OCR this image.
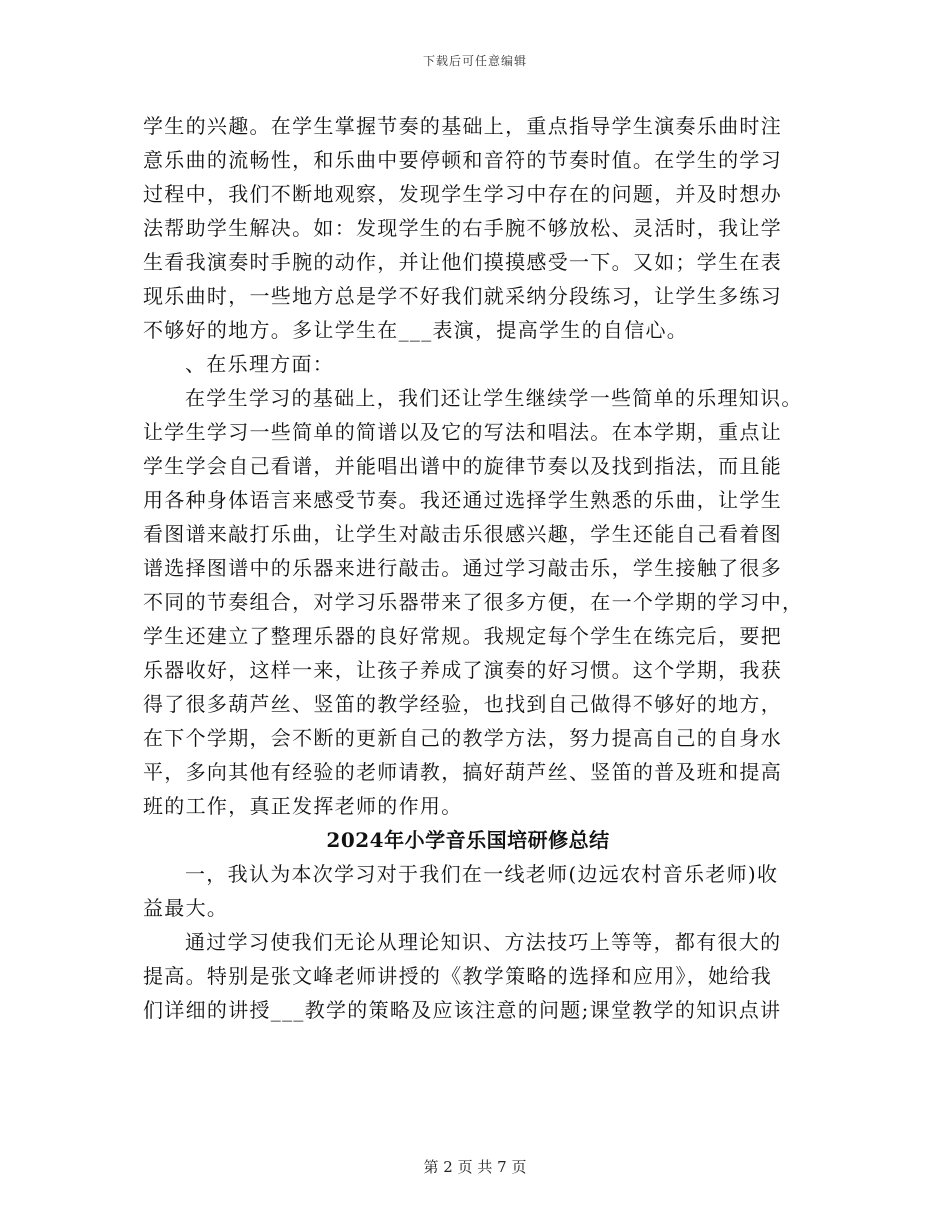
下载后可任意编辑
学生的兴趣。在学生掌握节奏的基础上，重点指导学生演奏乐曲时注
意乐曲的流畅性，和乐曲中要停顿和音符的节奏时值。在学生的学习
过程中，我们不断地观察，发现学生学习中存在的问题，并及时想办
法帮助学生解决。如：发现学生的右手腕不够放松、灵活时，我让学
生看我演奏时手腕的动作，并让他们摸摸感受一下。又如；学生在表
现乐曲时，一些地方总是学不好我们就采纳分段练习，让学生多练习
不够好的地方。多让学生在___表演，提高学生的自信心。
、在乐理方面：
在学生学习的基础上，我们还让学生继续学一些简单的乐理知识。
让学生学习一些简单的简谱以及它的写法和唱法。在本学期，重点让
学生学会自己看谱，并能唱出谱中的旋律节奏以及找到指法，而且能
用各种身体语言来感受节奏。我还通过选择学生熟悉的乐曲，让学生
看图谱来敲打乐曲，让学生对敲击乐很感兴趣，学生还能自己看着图
谱选择图谱中的乐器来进行敲击。通过学习敲击乐，学生接触了很多
不同的节奏组合，对学习乐器带来了很多方便，在一个学期的学习中，
学生还建立了整理乐器的良好常规。我规定每个学生在练完后，要把
乐器收好，这样一来，让孩子养成了演奏的好习惯。这个学期，我获
得了很多葫芦丝、竖笛的教学经验，也找到自己做得不够好的地方，
在下个学期，会不断的更新自己的教学方法，努力提高自己的自身水
平，多向其他有经验的老师请教，搞好葫芦丝、竖笛的普及班和提高
班的工作，真正发挥老师的作用。
2024年小学音乐国培研修总结
一，我认为本次学习对于我们在一线老师(边远农村音乐老师)收
益最大。
通过学习使我们无论从理论知识、方法技巧上等等，都有很大的
提高。特别是张文峰老师讲授的《教学策略的选择和应用》，她给我
们详细的讲授___教学的策略及应该注意的问题;课堂教学的知识点讲
第 2 页 共 7 页
